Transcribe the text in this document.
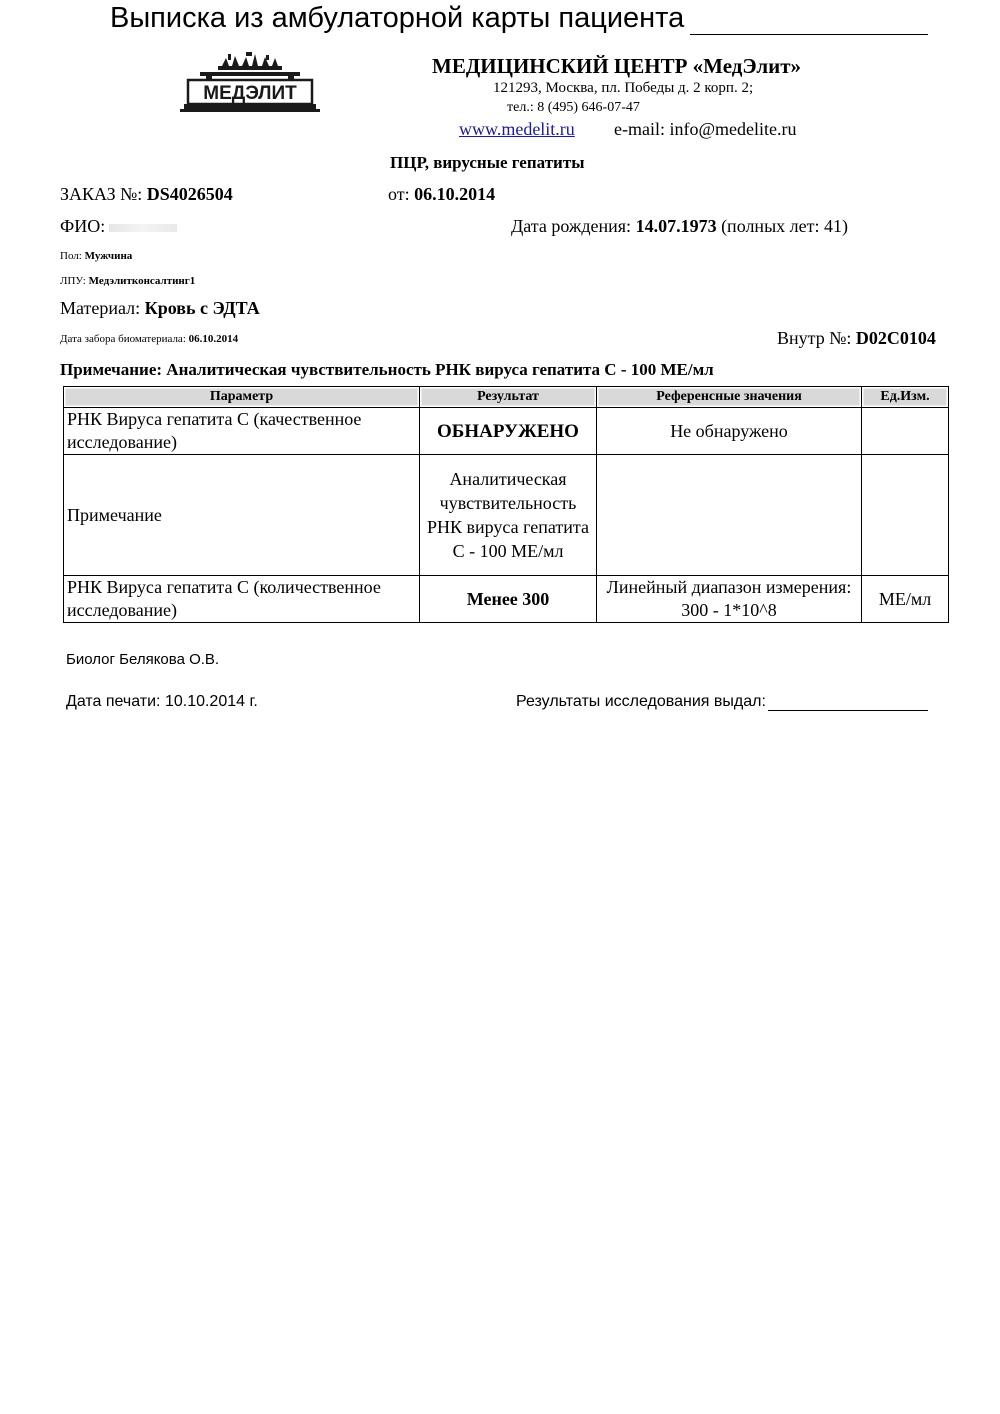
Выписка из амбулаторной карты пациента
МЕДЭЛИТ
МЕДИЦИНСКИЙ ЦЕНТР «МедЭлит»
121293, Москва, пл. Победы д. 2 корп. 2;
тел.: 8 (495) 646-07-47
www.medelit.ru e-mail: info@medelite.ru
ПЦР, вирусные гепатиты
ЗАКАЗ №: DS4026504	от: 06.10.2014
ФИО:	Дата рождения: 14.07.1973 (полных лет: 41)
Пол: Мужчина
ЛПУ: Медэлитконсалтинг1
Материал: Кровь с ЭДТА
Дата забора биоматериала: 06.10.2014	Внутр №: D02C0104
Примечание: Аналитическая чувствительность РНК вируса гепатита С - 100 МЕ/мл
Параметр	Результат	Референсные значения	Ед.Изм.
РНК Вируса гепатита С (качественное исследование)	ОБНАРУЖЕНО	Не обнаружено	
Примечание	Аналитическая чувствительность РНК вируса гепатита С - 100 МЕ/мл		
РНК Вируса гепатита С (количественное исследование)	Менее 300	Линейный диапазон измерения: 300 - 1*10^8	МЕ/мл
Биолог Белякова О.В.
Дата печати: 10.10.2014 г.	Результаты исследования выдал:
